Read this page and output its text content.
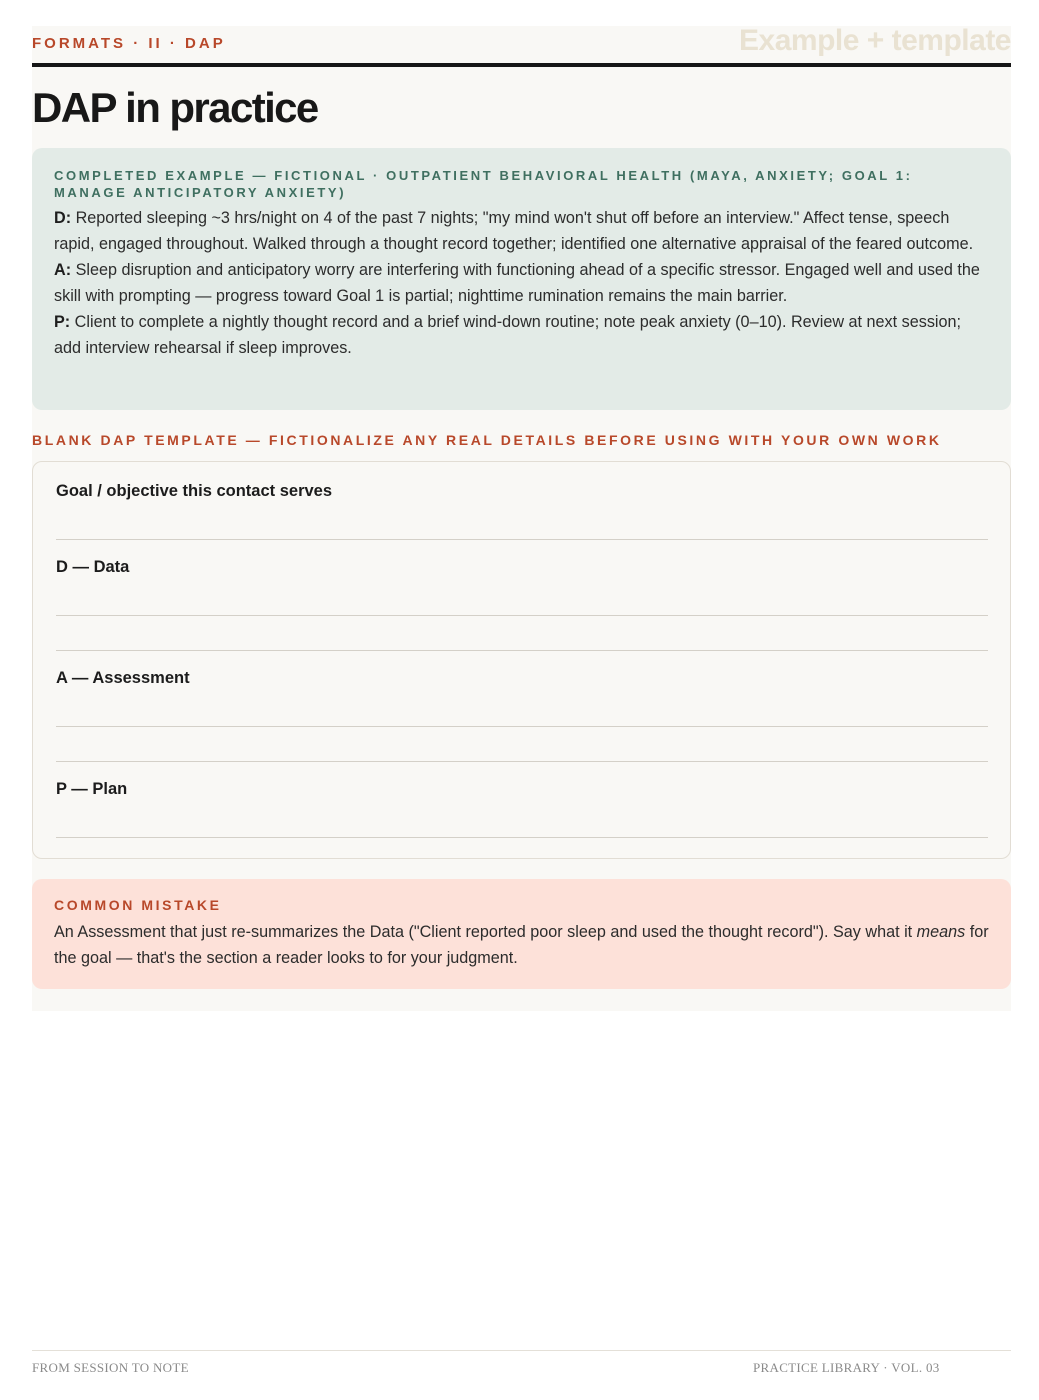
FORMATS · II · DAP	Example + template
DAP in practice
COMPLETED EXAMPLE — FICTIONAL · OUTPATIENT BEHAVIORAL HEALTH (MAYA, ANXIETY; GOAL 1: MANAGE ANTICIPATORY ANXIETY)

D: Reported sleeping ~3 hrs/night on 4 of the past 7 nights; "my mind won't shut off before an interview." Affect tense, speech rapid, engaged throughout. Walked through a thought record together; identified one alternative appraisal of the feared outcome.

A: Sleep disruption and anticipatory worry are interfering with functioning ahead of a specific stressor. Engaged well and used the skill with prompting — progress toward Goal 1 is partial; nighttime rumination remains the main barrier.

P: Client to complete a nightly thought record and a brief wind-down routine; note peak anxiety (0–10). Review at next session; add interview rehearsal if sleep improves.

BLANK DAP TEMPLATE — FICTIONALIZE ANY REAL DETAILS BEFORE USING WITH YOUR OWN WORK
Goal / objective this contact serves
D — Data
A — Assessment
P — Plan
COMMON MISTAKE

An Assessment that just re-summarizes the Data ("Client reported poor sleep and used the thought record"). Say what it means for the goal — that's the section a reader looks to for your judgment.

FROM SESSION TO NOTE	PRACTICE LIBRARY · VOL. 03
